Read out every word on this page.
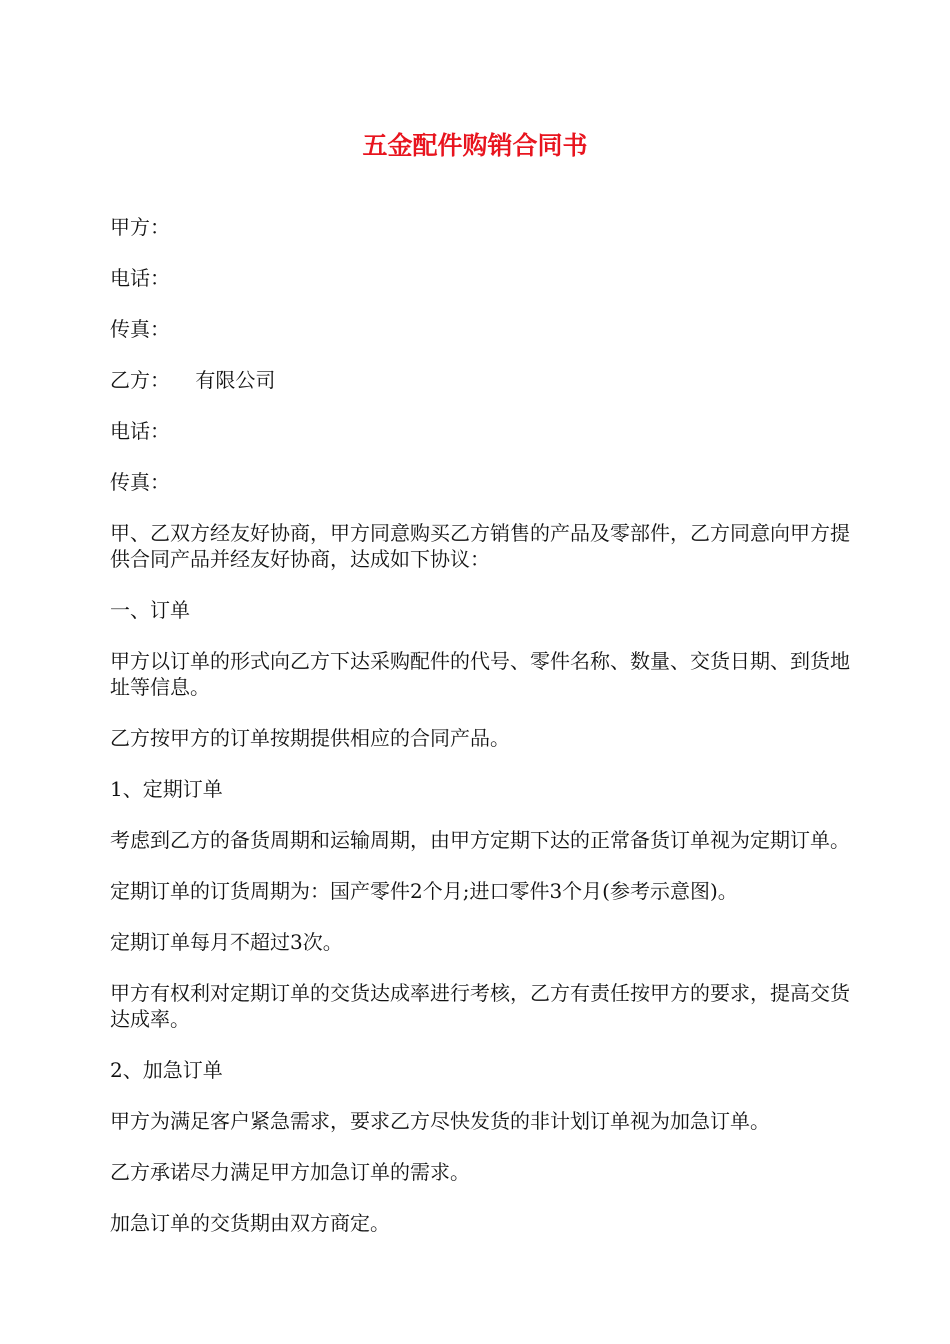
五金配件购销合同书

甲方：

电话：

传真：

乙方：    有限公司

电话：

传真：

甲、乙双方经友好协商，甲方同意购买乙方销售的产品及零部件，乙方同意向甲方提供合同产品并经友好协商，达成如下协议：

一、订单

甲方以订单的形式向乙方下达采购配件的代号、零件名称、数量、交货日期、到货地址等信息。

乙方按甲方的订单按期提供相应的合同产品。

1、定期订单

考虑到乙方的备货周期和运输周期，由甲方定期下达的正常备货订单视为定期订单。

定期订单的订货周期为：国产零件2个月;进口零件3个月(参考示意图)。

定期订单每月不超过3次。

甲方有权利对定期订单的交货达成率进行考核，乙方有责任按甲方的要求，提高交货达成率。

2、加急订单

甲方为满足客户紧急需求，要求乙方尽快发货的非计划订单视为加急订单。

乙方承诺尽力满足甲方加急订单的需求。

加急订单的交货期由双方商定。
